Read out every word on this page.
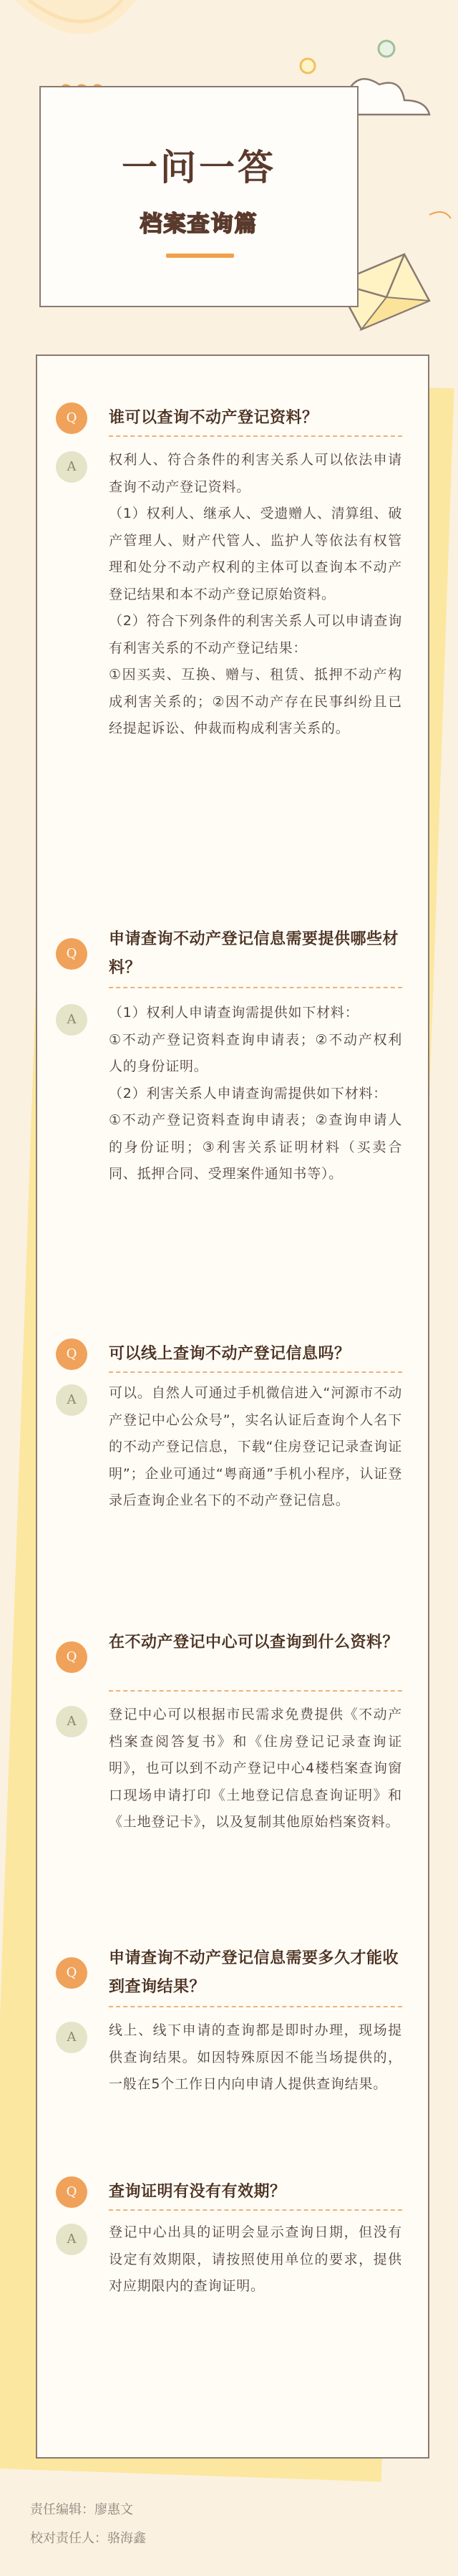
一问一答
档案查询篇
Q	谁可以查询不动产登记资料？
A	权利人、符合条件的利害关系人可以依法申请查询不动产登记资料。
（1）权利人、继承人、受遗赠人、清算组、破产管理人、财产代管人、监护人等依法有权管理和处分不动产权利的主体可以查询本不动产登记结果和本不动产登记原始资料。
（2）符合下列条件的利害关系人可以申请查询有利害关系的不动产登记结果：
①因买卖、互换、赠与、租赁、抵押不动产构成利害关系的；②因不动产存在民事纠纷且已经提起诉讼、仲裁而构成利害关系的。
Q
申请查询不动产登记信息需要提供哪些材料？
A	（1）权利人申请查询需提供如下材料：
①不动产登记资料查询申请表；②不动产权利人的身份证明。
（2）利害关系人申请查询需提供如下材料：
①不动产登记资料查询申请表；②查询申请人的身份证明；③利害关系证明材料（买卖合同、抵押合同、受理案件通知书等）。
Q	可以线上查询不动产登记信息吗？
A	可以。自然人可通过手机微信进入“河源市不动产登记中心公众号”，实名认证后查询个人名下的不动产登记信息，下载“住房登记记录查询证明”；企业可通过“粤商通”手机小程序，认证登录后查询企业名下的不动产登记信息。
Q
在不动产登记中心可以查询到什么资料？
A	登记中心可以根据市民需求免费提供《不动产档案查阅答复书》和《住房登记记录查询证明》，也可以到不动产登记中心4楼档案查询窗口现场申请打印《土地登记信息查询证明》和《土地登记卡》，以及复制其他原始档案资料。
Q
申请查询不动产登记信息需要多久才能收到查询结果？
A	线上、线下申请的查询都是即时办理，现场提供查询结果。如因特殊原因不能当场提供的，一般在5个工作日内向申请人提供查询结果。
Q	查询证明有没有有效期？
A	登记中心出具的证明会显示查询日期，但没有设定有效期限，请按照使用单位的要求，提供对应期限内的查询证明。
责任编辑：廖惠文
校对责任人：骆海鑫
